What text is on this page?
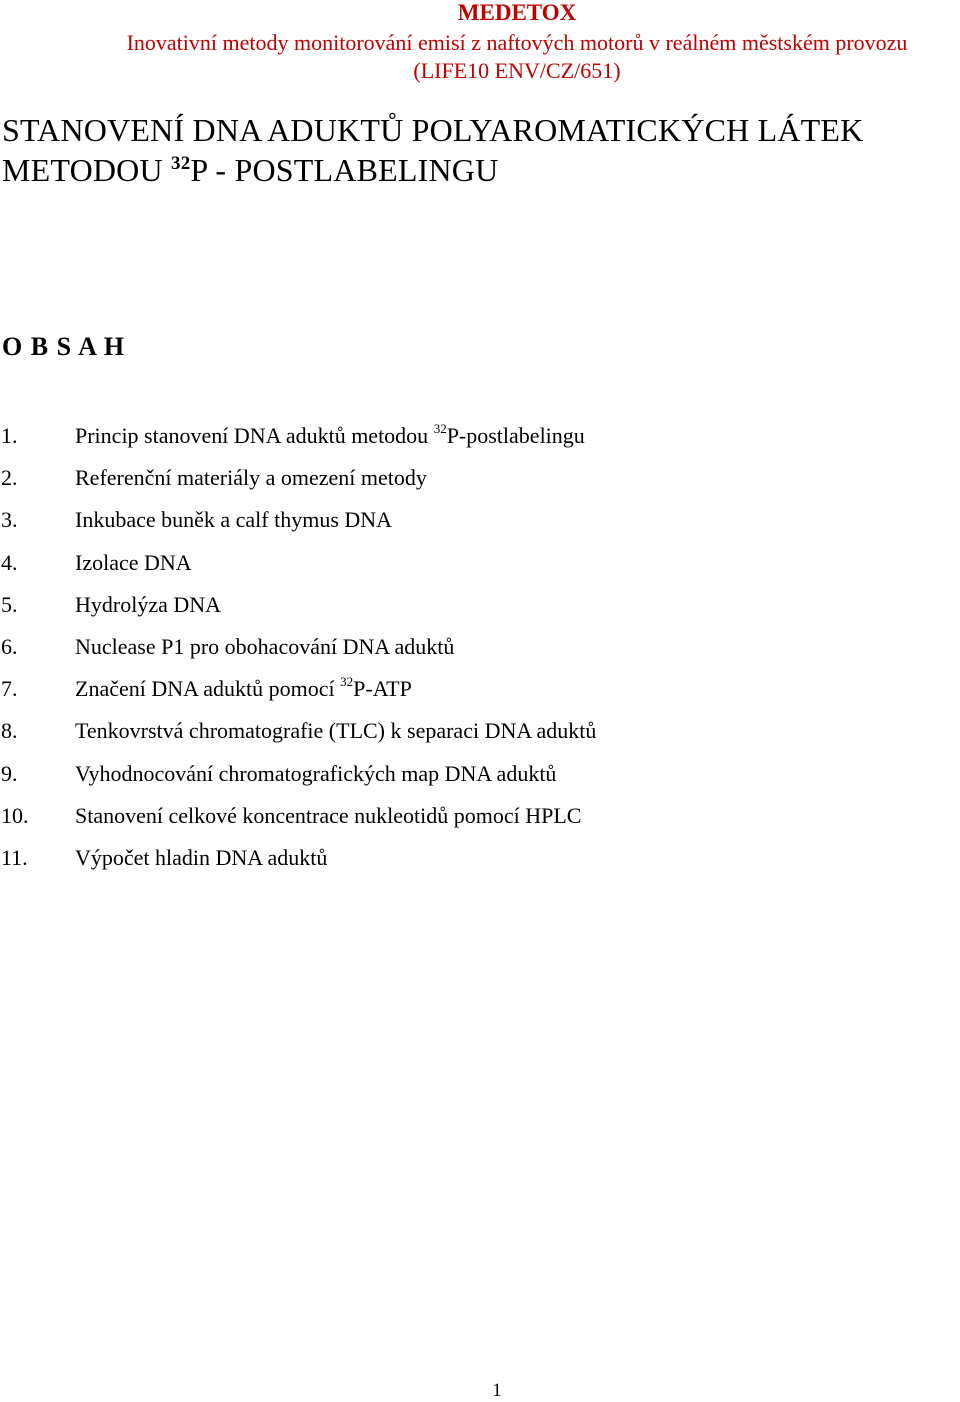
MEDETOX
Inovativní metody monitorování emisí z naftových motorů v reálném městském provozu
(LIFE10 ENV/CZ/651)
STANOVENÍ DNA ADUKTŮ POLYAROMATICKÝCH LÁTEK
METODOU $^{32}$P - POSTLABELINGU
O B S A H
1.	Princip stanovení DNA aduktů metodou $^{32}$P-postlabelingu
2.	Referenční materiály a omezení metody
3.	Inkubace buněk a calf thymus DNA
4.	Izolace DNA
5.	Hydrolýza DNA
6.	Nuclease P1 pro obohacování DNA aduktů
7.	Značení DNA aduktů pomocí $^{32}$P-ATP
8.	Tenkovrstvá chromatografie (TLC) k separaci DNA aduktů
9.	Vyhodnocování chromatografických map DNA aduktů
10. Stanovení celkové koncentrace nukleotidů pomocí HPLC
11. Výpočet hladin DNA aduktů
1
